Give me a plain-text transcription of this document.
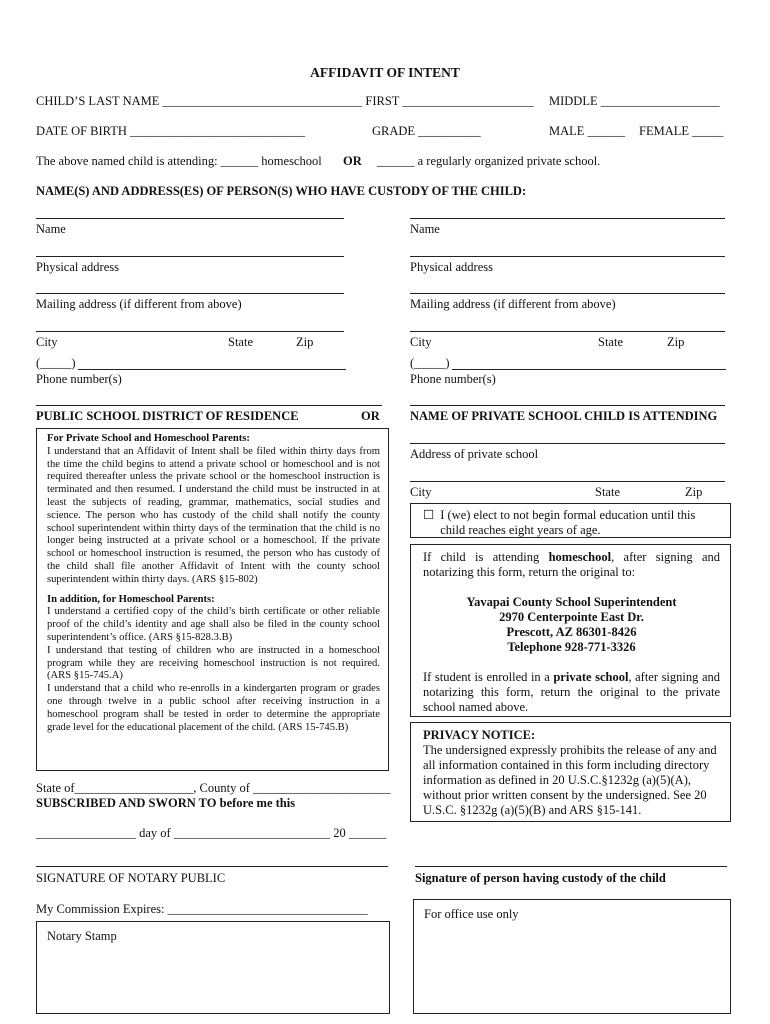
AFFIDAVIT OF INTENT
CHILD’S LAST NAME _______________________________ _ FIRST _____________________ MIDDLE ___________________
DATE OF BIRTH ____________________________	GRADE __________	MALE ______ FEMALE _____
The above named child is attending: ______ homeschool OR ______ a regularly organized private school.
NAME(S) AND ADDRESS(ES) OF PERSON(S) WHO HAVE CUSTODY OF THE CHILD:
Name
Physical address
Mailing address (if different from above)
City	State	Zip
(_____)
Phone number(s)
Name
Physical address
Mailing address (if different from above)
City	State	Zip
(_____)
Phone number(s)
PUBLIC SCHOOL DISTRICT OF RESIDENCE	OR NAME OF PRIVATE SCHOOL CHILD IS ATTENDING
For Private School and Homeschool Parents:
I understand that an Affidavit of Intent shall be filed within thirty days from the time the child begins to attend a private school or homeschool and is not required thereafter unless the private school or the homeschool instruction is terminated and then resumed. I understand the child must be instructed in at least the subjects of reading, grammar, mathematics, social studies and science. The person who has custody of the child shall notify the county school superintendent within thirty days of the termination that the child is no longer being instructed at a private school or a homeschool. If the private school or homeschool instruction is resumed, the person who has custody of the child shall file another Affidavit of Intent with the county school superintendent within thirty days. (ARS §15-802)
In addition, for Homeschool Parents:
I understand a certified copy of the child’s birth certificate or other reliable proof of the child’s identity and age shall also be filed in the county school superintendent’s office. (ARS §15-828.3.B)
I understand that testing of children who are instructed in a homeschool program while they are receiving homeschool instruction is not required. (ARS §15-745.A)
I understand that a child who re-enrolls in a kindergarten program or grades one through twelve in a public school after receiving instruction in a homeschool program shall be tested in order to determine the appropriate grade level for the educational placement of the child. (ARS 15-745.B)
Address of private school
City	State	Zip
☐ I (we) elect to not begin formal education until this child reaches eight years of age.
If child is attending homeschool, after signing and notarizing this form, return the original to:
Yavapai County School Superintendent
2970 Centerpointe East Dr.
Prescott, AZ 86301-8426
Telephone 928-771-3326
If student is enrolled in a private school, after signing and notarizing this form, return the original to the private school named above.
PRIVACY NOTICE:
The undersigned expressly prohibits the release of any and all information contained in this form including directory information as defined in 20 U.S.C.§1232g (a)(5)(A), without prior written consent by the undersigned. See 20 U.S.C. §1232g (a)(5)(B) and ARS §15-141.
State of___________________, County of ______________________
SUBSCRIBED AND SWORN TO before me this
________________ day of _________________________ 20 ______
SIGNATURE OF NOTARY PUBLIC
My Commission Expires: ________________________________
Notary Stamp
Signature of person having custody of the child
For office use only
